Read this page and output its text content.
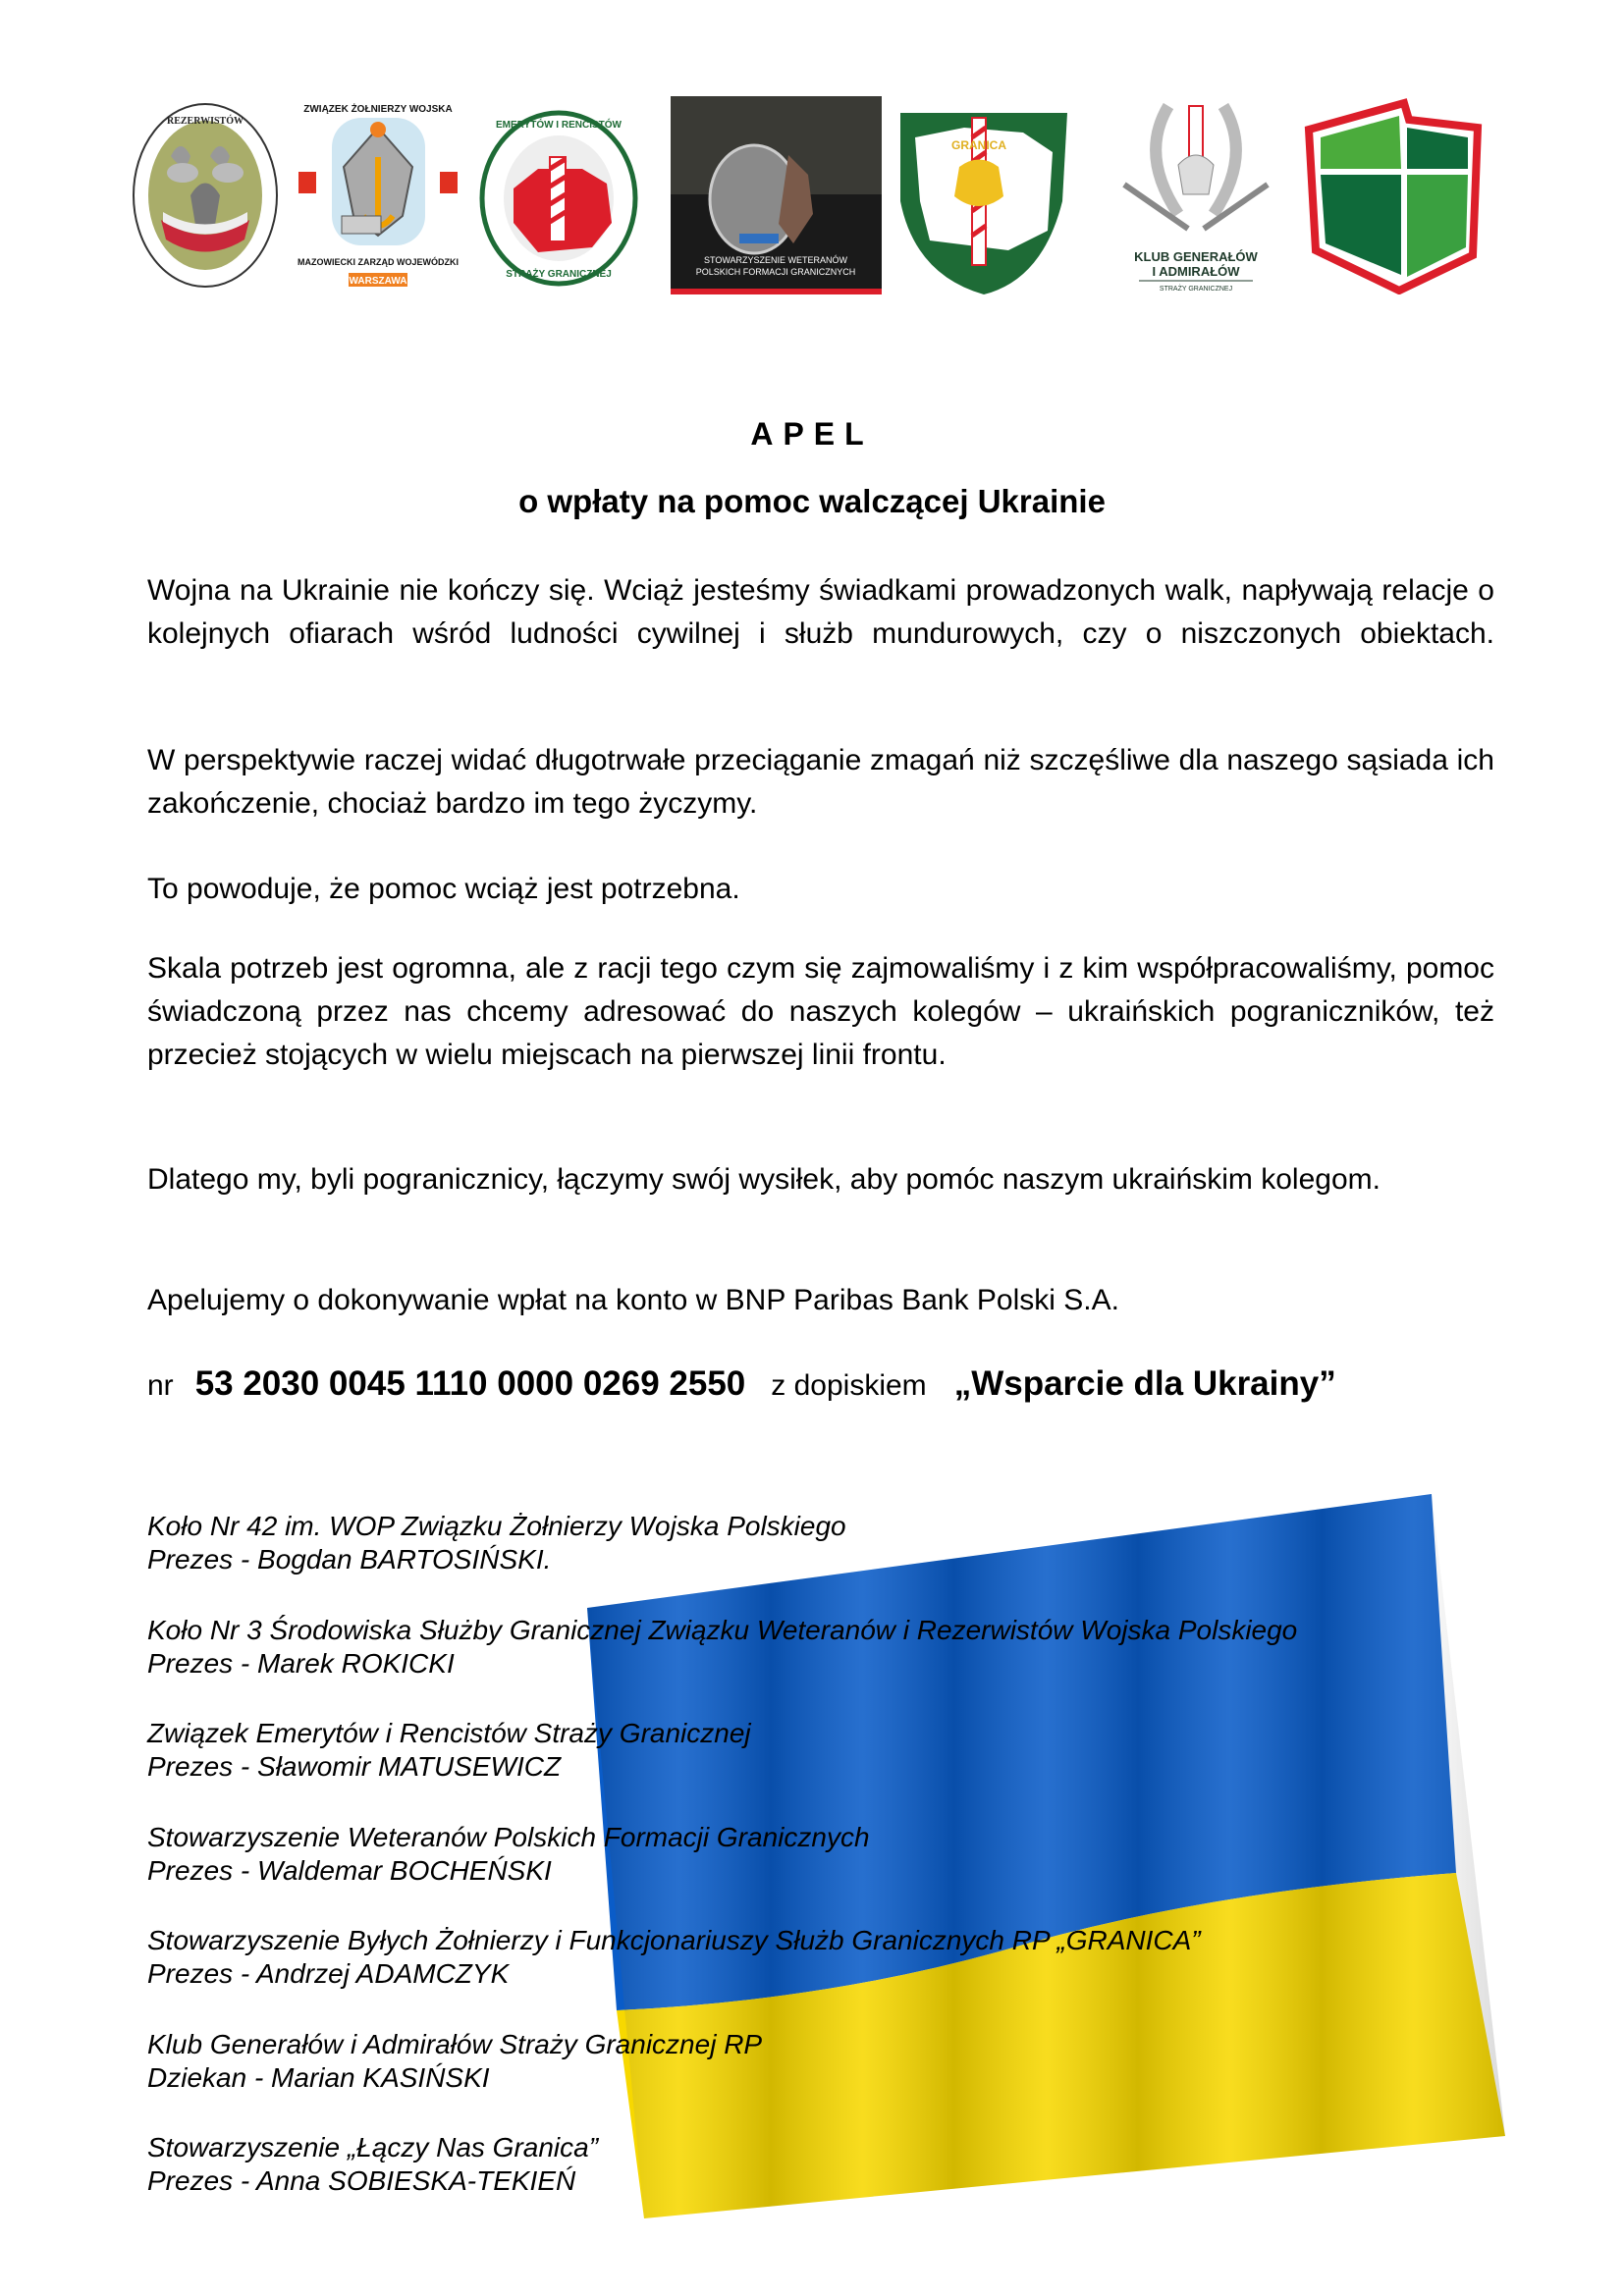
REZERWISTÓW
ZWIĄZEK ŻOŁNIERZY WOJSKA
MAZOWIECKI ZARZĄD WOJEWÓDZKI
WARSZAWA
EMERYTÓW I RENCISTÓW
STRAŻY GRANICZNEJ
STOWARZYSZENIE WETERANÓW
POLSKICH FORMACJI GRANICZNYCH
GRANICA
KLUB GENERAŁÓW
I ADMIRAŁÓW
STRAŻY GRANICZNEJ
APEL
o wpłaty na pomoc walczącej Ukrainie
Wojna na Ukrainie nie kończy się. Wciąż jesteśmy świadkami prowadzonych walk, napływają relacje o kolejnych ofiarach wśród ludności cywilnej i służb mundurowych, czy o niszczonych obiektach.
W perspektywie raczej widać długotrwałe przeciąganie zmagań niż szczęśliwe dla naszego sąsiada ich zakończenie, chociaż bardzo im tego życzymy.
To powoduje, że pomoc wciąż jest potrzebna.
Skala potrzeb jest ogromna, ale z racji tego czym się zajmowaliśmy i z kim współpracowaliśmy, pomoc świadczoną przez nas chcemy adresować do naszych kolegów – ukraińskich pograniczników, też przecież stojących w wielu miejscach na pierwszej linii frontu.
Dlatego my, byli pogranicznicy, łączymy swój wysiłek, aby pomóc naszym ukraińskim kolegom.
Apelujemy o dokonywanie wpłat na konto w BNP Paribas Bank Polski S.A.
nr 53 2030 0045 1110 0000 0269 2550 z dopiskiem „Wsparcie dla Ukrainy”
Koło Nr 42 im. WOP Związku Żołnierzy Wojska Polskiego
Prezes - Bogdan BARTOSIŃSKI.
Koło Nr 3 Środowiska Służby Granicznej Związku Weteranów i Rezerwistów Wojska Polskiego
Prezes - Marek ROKICKI
Związek Emerytów i Rencistów Straży Granicznej
Prezes - Sławomir MATUSEWICZ
Stowarzyszenie Weteranów Polskich Formacji Granicznych
Prezes - Waldemar BOCHEŃSKI
Stowarzyszenie Byłych Żołnierzy i Funkcjonariuszy Służb Granicznych RP „GRANICA”
Prezes - Andrzej ADAMCZYK
Klub Generałów i Admirałów Straży Granicznej RP
Dziekan - Marian KASIŃSKI
Stowarzyszenie „Łączy Nas Granica”
Prezes - Anna SOBIESKA-TEKIEŃ
